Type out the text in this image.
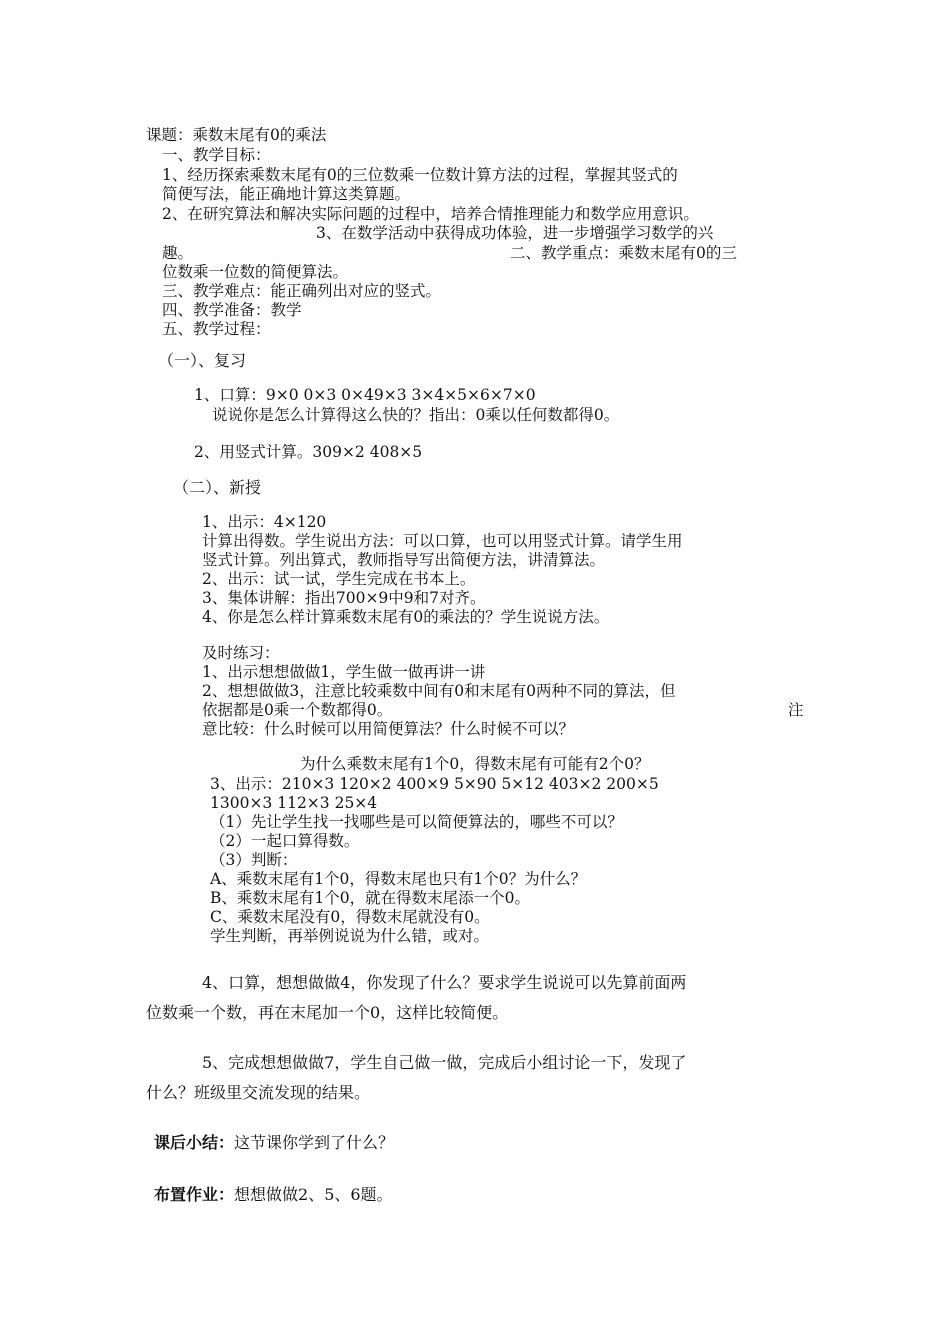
课题：乘数末尾有0的乘法
一、教学目标：
1、经历探索乘数末尾有0的三位数乘一位数计算方法的过程，掌握其竖式的
简便写法，能正确地计算这类算题。
2、在研究算法和解决实际问题的过程中，培养合情推理能力和数学应用意识。
3、在数学活动中获得成功体验，进一步增强学习数学的兴
趣。	二、教学重点：乘数末尾有0的三
位数乘一位数的简便算法。
三、教学难点：能正确列出对应的竖式。
四、教学准备：教学
五、教学过程：
（一）、复习
1、口算：9×0 0×3 0×49×3 3×4×5×6×7×0
说说你是怎么计算得这么快的？指出：0乘以任何数都得0。
2、用竖式计算。309×2 408×5
（二）、新授
1、出示：4×120
计算出得数。学生说出方法：可以口算，也可以用竖式计算。请学生用
竖式计算。列出算式，教师指导写出简便方法，讲清算法。
2、出示：试一试，学生完成在书本上。
3、集体讲解：指出700×9中9和7对齐。
4、你是怎么样计算乘数末尾有0的乘法的？学生说说方法。
及时练习：
1、出示想想做做1，学生做一做再讲一讲
2、想想做做3，注意比较乘数中间有0和末尾有0两种不同的算法，但
依据都是0乘一个数都得0。	注
意比较：什么时候可以用简便算法？什么时候不可以？
为什么乘数末尾有1个0，得数末尾有可能有2个0？
3、出示：210×3 120×2 400×9 5×90 5×12 403×2 200×5
1300×3 112×3 25×4
（1）先让学生找一找哪些是可以简便算法的，哪些不可以？
（2）一起口算得数。
（3）判断：
A、乘数末尾有1个0，得数末尾也只有1个0？为什么？
B、乘数末尾有1个0，就在得数末尾添一个0。
C、乘数末尾没有0，得数末尾就没有0。
学生判断，再举例说说为什么错，或对。
4、口算，想想做做4，你发现了什么？要求学生说说可以先算前面两
位数乘一个数，再在末尾加一个0，这样比较简便。
5、完成想想做做7，学生自己做一做，完成后小组讨论一下，发现了
什么？班级里交流发现的结果。
课后小结：这节课你学到了什么？
布置作业：想想做做2、5、6题。
